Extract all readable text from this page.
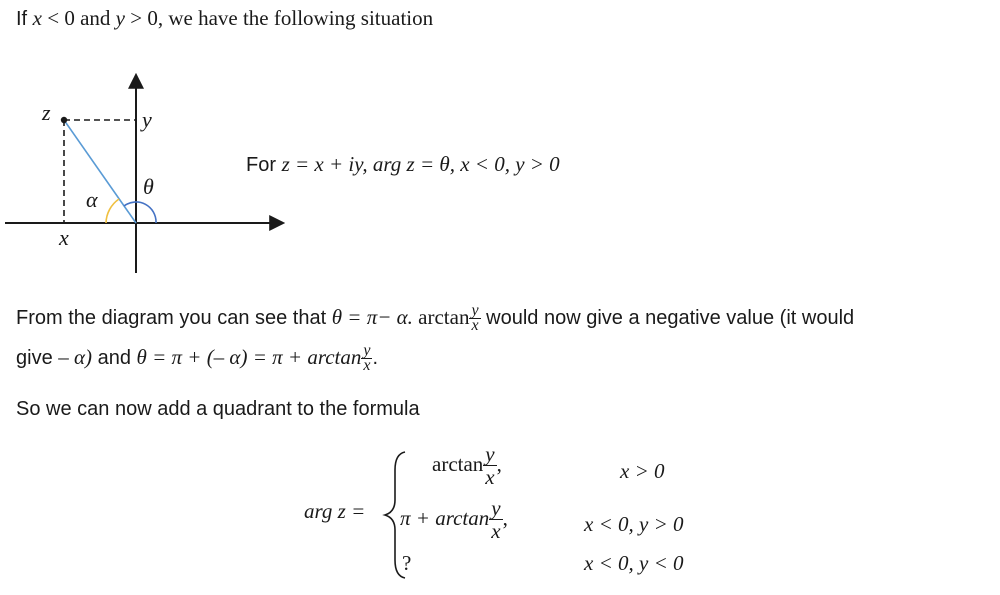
If x < 0 and y > 0, we have the following situation
z	y
α
θ
x
For z = x + iy, arg z = θ, x < 0, y > 0
From the diagram you can see that θ = π− α. $\arctan \frac{y}{x}$ would now give a negative value (it would
give – α) and θ = π + (– $\alpha) = \pi + \arctan \frac{y}{x}$ .
So we can now add a quadrant to the formula
arg z =
$\arctan \frac{y}{x}$ ,	x > 0
$\pi + \arctan \frac{y}{x}$ ,	x < 0, y > 0
?	x < 0, y < 0
